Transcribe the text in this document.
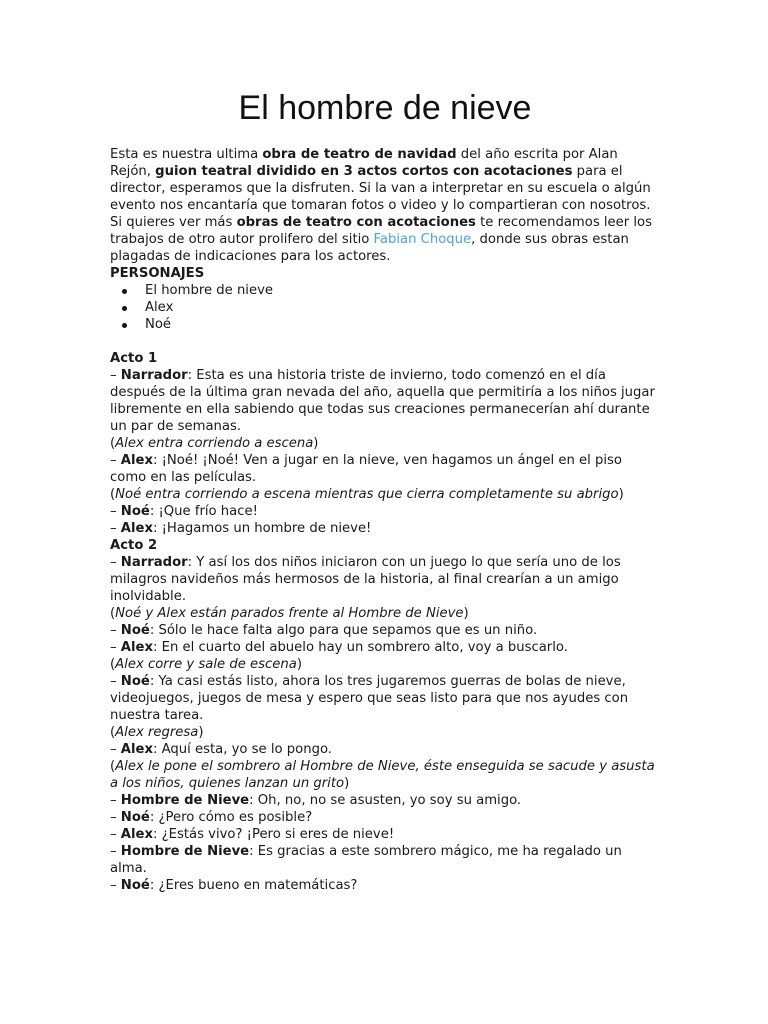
El hombre de nieve

Esta es nuestra ultima obra de teatro de navidad del año escrita por Alan Rejón, guion teatral dividido en 3 actos cortos con acotaciones para el director, esperamos que la disfruten. Si la van a interpretar en su escuela o algún evento nos encantaría que tomaran fotos o video y lo compartieran con nosotros. Si quieres ver más obras de teatro con acotaciones te recomendamos leer los trabajos de otro autor prolifero del sitio Fabian Choque, donde sus obras estan plagadas de indicaciones para los actores.

PERSONAJES

El hombre de nieve
Alex
Noé

Acto 1

– Narrador: Esta es una historia triste de invierno, todo comenzó en el día después de la última gran nevada del año, aquella que permitiría a los niños jugar libremente en ella sabiendo que todas sus creaciones permanecerían ahí durante un par de semanas.

(Alex entra corriendo a escena)

– Alex: ¡Noé! ¡Noé! Ven a jugar en la nieve, ven hagamos un ángel en el piso como en las películas.

(Noé entra corriendo a escena mientras que cierra completamente su abrigo)

– Noé: ¡Que frío hace!

– Alex: ¡Hagamos un hombre de nieve!

Acto 2

– Narrador: Y así los dos niños iniciaron con un juego lo que sería uno de los milagros navideños más hermosos de la historia, al final crearían a un amigo inolvidable.

(Noé y Alex están parados frente al Hombre de Nieve)

– Noé: Sólo le hace falta algo para que sepamos que es un niño.

– Alex: En el cuarto del abuelo hay un sombrero alto, voy a buscarlo.

(Alex corre y sale de escena)

– Noé: Ya casi estás listo, ahora los tres jugaremos guerras de bolas de nieve, videojuegos, juegos de mesa y espero que seas listo para que nos ayudes con nuestra tarea.

(Alex regresa)

– Alex: Aquí esta, yo se lo pongo.

(Alex le pone el sombrero al Hombre de Nieve, éste enseguida se sacude y asusta a los niños, quienes lanzan un grito)

– Hombre de Nieve: Oh, no, no se asusten, yo soy su amigo.

– Noé: ¿Pero cómo es posible?

– Alex: ¿Estás vivo? ¡Pero si eres de nieve!

– Hombre de Nieve: Es gracias a este sombrero mágico, me ha regalado un alma.

– Noé: ¿Eres bueno en matemáticas?
